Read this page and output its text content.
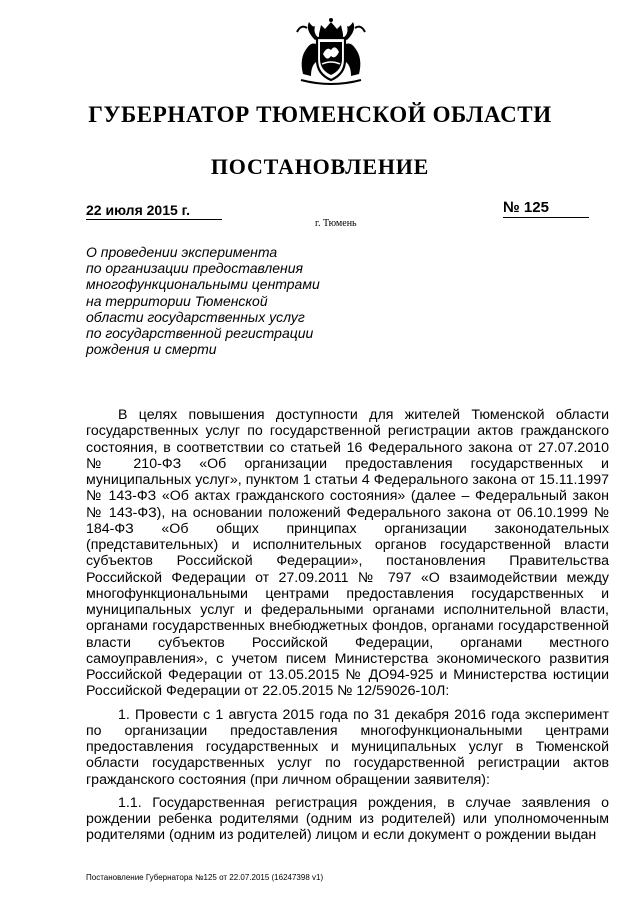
ГУБЕРНАТОР ТЮМЕНСКОЙ ОБЛАСТИ
ПОСТАНОВЛЕНИЕ
22 июля 2015 г.	№ 125
г. Тюмень
О проведении эксперимента
по организации предоставления
многофункциональными центрами
на территории Тюменской
области государственных услуг
по государственной регистрации
рождения и смерти

В целях повышения доступности для жителей Тюменской области государственных услуг по государственной регистрации актов гражданского состояния, в соответствии со статьей 16 Федерального закона от 27.07.2010 № 210-ФЗ «Об организации предоставления государственных и муниципальных услуг», пунктом 1 статьи 4 Федерального закона от 15.11.1997 № 143-ФЗ «Об актах гражданского состояния» (далее – Федеральный закон № 143-ФЗ), на основании положений Федерального закона от 06.10.1999 № 184-ФЗ «Об общих принципах организации законодательных (представительных) и исполнительных органов государственной власти субъектов Российской Федерации», постановления Правительства Российской Федерации от 27.09.2011 № 797 «О взаимодействии между многофункциональными центрами предоставления государственных и муниципальных услуг и федеральными органами исполнительной власти, органами государственных внебюджетных фондов, органами государственной власти субъектов Российской Федерации, органами местного самоуправления», с учетом писем Министерства экономического развития Российской Федерации от 13.05.2015 № ДО94-925 и Министерства юстиции Российской Федерации от 22.05.2015 № 12/59026-10Л:

1. Провести с 1 августа 2015 года по 31 декабря 2016 года эксперимент по организации предоставления многофункциональными центрами предоставления государственных и муниципальных услуг в Тюменской области государственных услуг по государственной регистрации актов гражданского состояния (при личном обращении заявителя):

1.1. Государственная регистрация рождения, в случае заявления о рождении ребенка родителями (одним из родителей) или уполномоченным родителями (одним из родителей) лицом и если документ о рождении выдан

Постановление Губернатора №125 от 22.07.2015 (16247398 v1)
